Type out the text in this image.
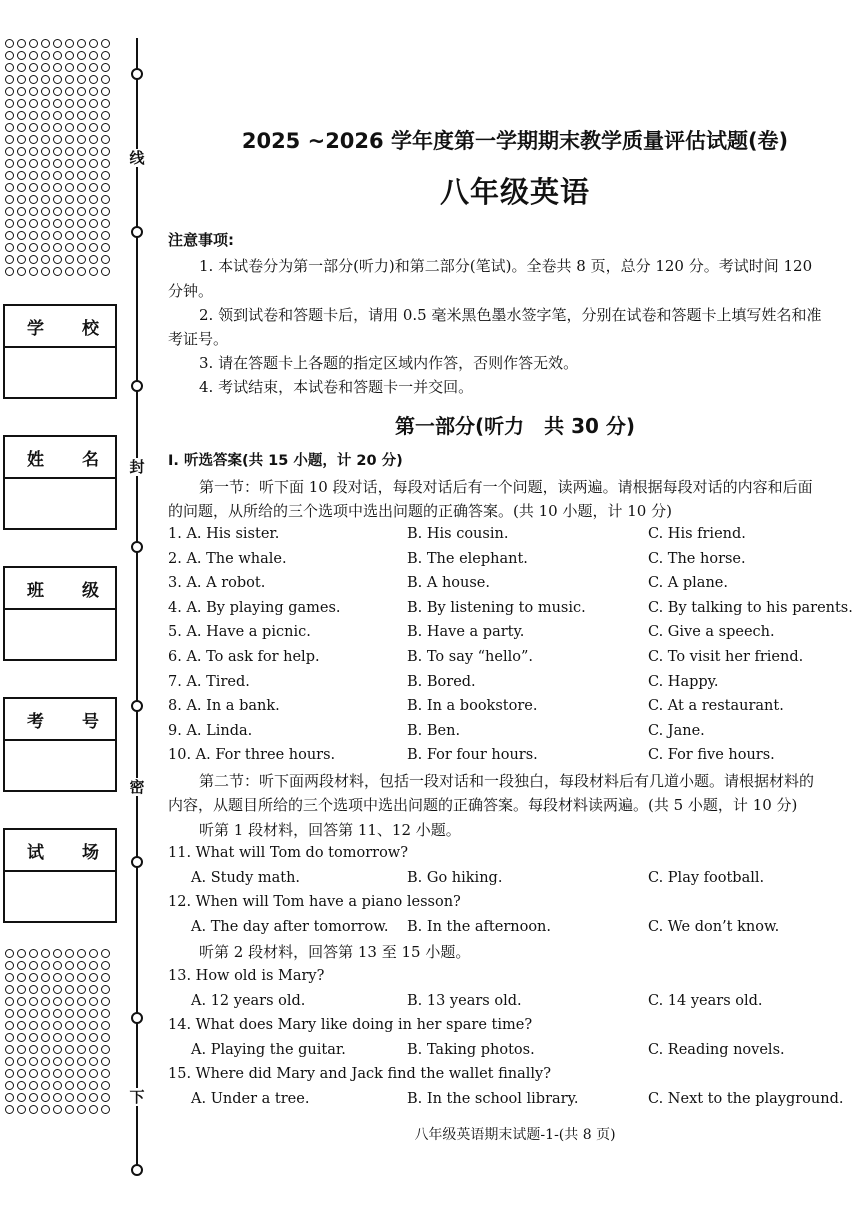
学 校
姓 名
班 级
考 号
试 场
线
封
密
下
2025 ~2026 学年度第一学期期末教学质量评估试题(卷)
八年级英语
注意事项:
1. 本试卷分为第一部分(听力)和第二部分(笔试)。全卷共 8 页，总分 120 分。考试时间 120
分钟。
2. 领到试卷和答题卡后，请用 0.5 毫米黑色墨水签字笔，分别在试卷和答题卡上填写姓名和准
考证号。
3. 请在答题卡上各题的指定区域内作答，否则作答无效。
4. 考试结束，本试卷和答题卡一并交回。
第一部分(听力　共 30 分)
Ⅰ. 听选答案(共 15 小题，计 20 分)
第一节：听下面 10 段对话，每段对话后有一个问题，读两遍。请根据每段对话的内容和后面
的问题，从所给的三个选项中选出问题的正确答案。(共 10 小题，计 10 分)
1. A. His sister.	B. His cousin.	C. His friend.
2. A. The whale.	B. The elephant.	C. The horse.
3. A. A robot.	B. A house.	C. A plane.
4. A. By playing games.	B. By listening to music.	C. By talking to his parents.
5. A. Have a picnic.	B. Have a party.	C. Give a speech.
6. A. To ask for help.	B. To say “hello”.	C. To visit her friend.
7. A. Tired.	B. Bored.	C. Happy.
8. A. In a bank.	B. In a bookstore.	C. At a restaurant.
9. A. Linda.	B. Ben.	C. Jane.
10. A. For three hours.	B. For four hours.	C. For five hours.
第二节：听下面两段材料，包括一段对话和一段独白，每段材料后有几道小题。请根据材料的
内容，从题目所给的三个选项中选出问题的正确答案。每段材料读两遍。(共 5 小题，计 10 分)
听第 1 段材料，回答第 11、12 小题。
11. What will Tom do tomorrow?
A. Study math.	B. Go hiking.	C. Play football.
12. When will Tom have a piano lesson?
A. The day after tomorrow. B. In the afternoon.	C. We don’t know.
听第 2 段材料，回答第 13 至 15 小题。
13. How old is Mary?
A. 12 years old.	B. 13 years old.	C. 14 years old.
14. What does Mary like doing in her spare time?
A. Playing the guitar.	B. Taking photos.	C. Reading novels.
15. Where did Mary and Jack find the wallet finally?
A. Under a tree.	B. In the school library.	C. Next to the playground.
八年级英语期末试题-1-(共 8 页)
